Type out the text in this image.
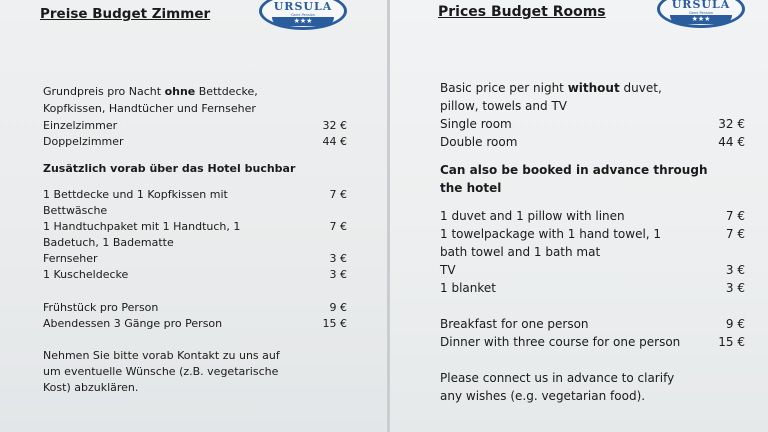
Preise Budget Zimmer	URSULA
Garni Pension
★★★
Grundpreis pro Nacht ohne Bettdecke,
Kopfkissen, Handtücher und Fernseher
Einzelzimmer	32 €
Doppelzimmer	44 €
Zusätzlich vorab über das Hotel buchbar
1 Bettdecke und 1 Kopfkissen mit	7 €
Bettwäsche
1 Handtuchpaket mit 1 Handtuch, 1	7 €
Badetuch, 1 Badematte
Fernseher	3 €
1 Kuscheldecke	3 €
Frühstück pro Person	9 €
Abendessen 3 Gänge pro Person	15 €
Nehmen Sie bitte vorab Kontakt zu uns auf
um eventuelle Wünsche (z.B. vegetarische
Kost) abzuklären.
Prices Budget Rooms	URSULA
Garni Pension
★★★
Basic price per night without duvet,
pillow, towels and TV
Single room	32 €
Double room	44 €
Can also be booked in advance through
the hotel
1 duvet and 1 pillow with linen	7 €
1 towelpackage with 1 hand towel, 1	7 €
bath towel and 1 bath mat
TV	3 €
1 blanket	3 €
Breakfast for one person	9 €
Dinner with three course for one person	15 €
Please connect us in advance to clarify
any wishes (e.g. vegetarian food).
